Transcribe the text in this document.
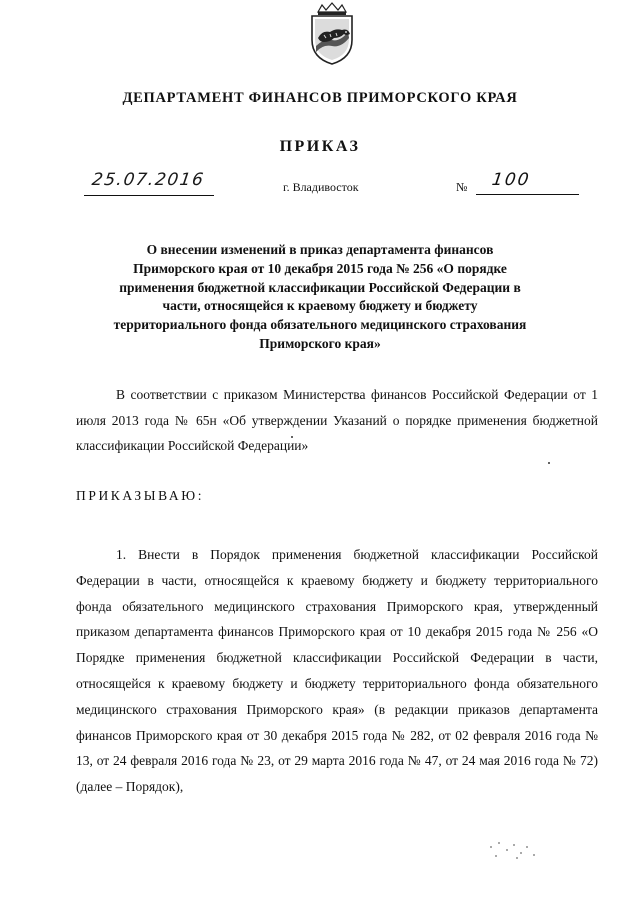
ДЕПАРТАМЕНТ ФИНАНСОВ ПРИМОРСКОГО КРАЯ
ПРИКАЗ
25.07.2016	г. Владивосток	№ 100
О внесении изменений в приказ департамента финансов Приморского края от 10 декабря 2015 года № 256 «О порядке применения бюджетной классификации Российской Федерации в части, относящейся к краевому бюджету и бюджету территориального фонда обязательного медицинского страхования Приморского края»
В соответствии с приказом Министерства финансов Российской Федерации от 1 июля 2013 года № 65н «Об утверждении Указаний о порядке применения бюджетной классификации Российской Федерации»
ПРИКАЗЫВАЮ:
1. Внести в Порядок применения бюджетной классификации Российской Федерации в части, относящейся к краевому бюджету и бюджету территориального фонда обязательного медицинского страхования Приморского края, утвержденный приказом департамента финансов Приморского края от 10 декабря 2015 года № 256 «О Порядке применения бюджетной классификации Российской Федерации в части, относящейся к краевому бюджету и бюджету территориального фонда обязательного медицинского страхования Приморского края» (в редакции приказов департамента финансов Приморского края от 30 декабря 2015 года № 282, от 02 февраля 2016 года № 13, от 24 февраля 2016 года № 23, от 29 марта 2016 года № 47, от 24 мая 2016 года № 72) (далее – Порядок),
